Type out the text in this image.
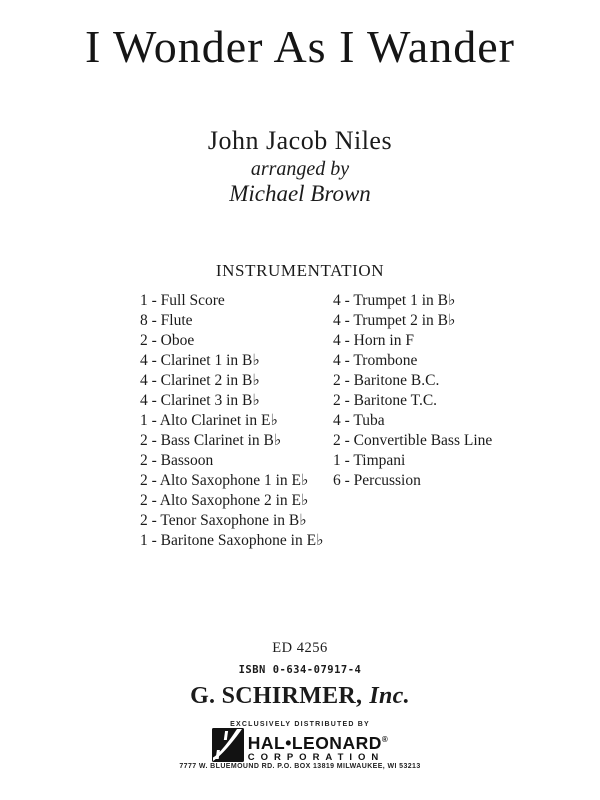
I Wonder As I Wander
John Jacob Niles
arranged by
Michael Brown
INSTRUMENTATION
1 - Full Score
8 - Flute
2 - Oboe
4 - Clarinet 1 in B♭
4 - Clarinet 2 in B♭
4 - Clarinet 3 in B♭
1 - Alto Clarinet in E♭
2 - Bass Clarinet in B♭
2 - Bassoon
2 - Alto Saxophone 1 in E♭
2 - Alto Saxophone 2 in E♭
2 - Tenor Saxophone in B♭
1 - Baritone Saxophone in E♭
4 - Trumpet 1 in B♭
4 - Trumpet 2 in B♭
4 - Horn in F
4 - Trombone
2 - Baritone B.C.
2 - Baritone T.C.
4 - Tuba
2 - Convertible Bass Line
1 - Timpani
6 - Percussion
ED 4256
ISBN 0-634-07917-4
G. SCHIRMER, Inc.
EXCLUSIVELY DISTRIBUTED BY
HAL•LEONARD®
CORPORATION
7777 W. BLUEMOUND RD. P.O. BOX 13819 MILWAUKEE, WI 53213
